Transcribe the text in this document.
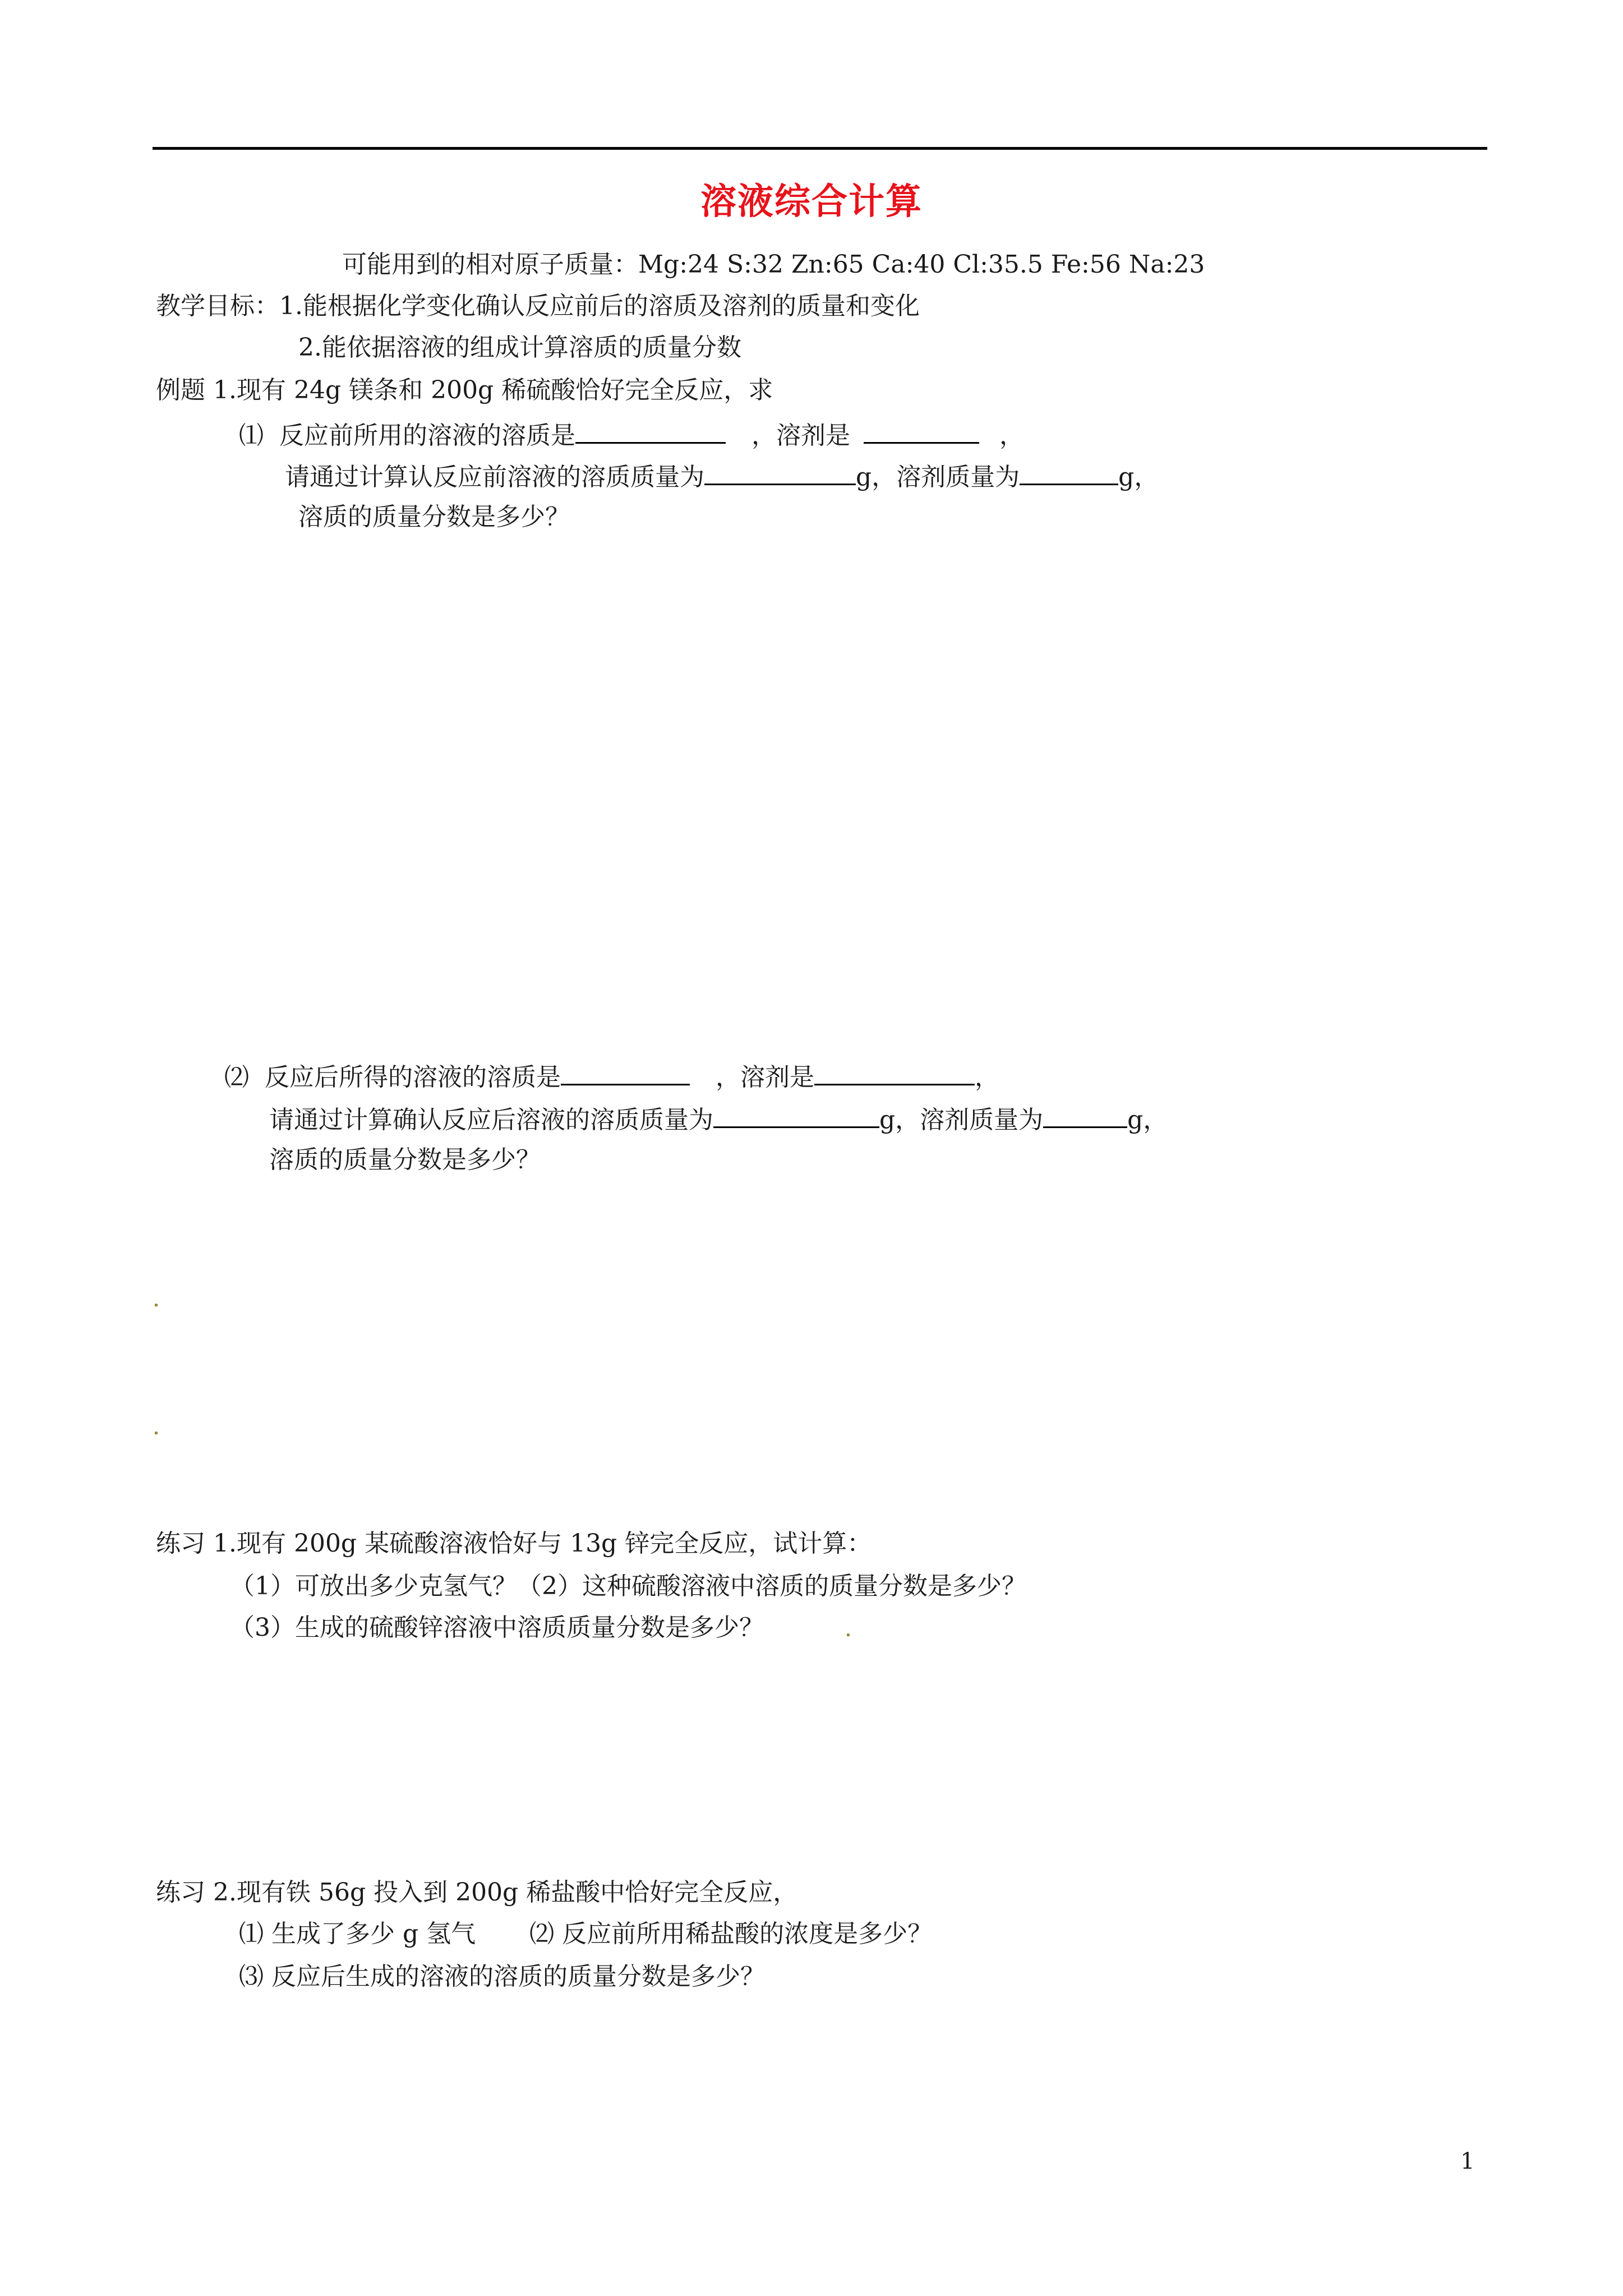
溶液综合计算
可能用到的相对原子质量：Mg:24 S:32 Zn:65 Ca:40 Cl:35.5 Fe:56 Na:23
教学目标：1.能根据化学变化确认反应前后的溶质及溶剂的质量和变化
2.能依据溶液的组成计算溶质的质量分数
例题 1.现有 24g 镁条和 200g 稀硫酸恰好完全反应，求
⑴ 反应前所用的溶液的溶质是	，溶剂是	，
请通过计算认反应前溶液的溶质质量为	g，溶剂质量为	g，
溶质的质量分数是多少？
⑵ 反应后所得的溶液的溶质是	，溶剂是	，
请通过计算确认反应后溶液的溶质质量为	g，溶剂质量为	g，
溶质的质量分数是多少？
练习 1.现有 200g 某硫酸溶液恰好与 13g 锌完全反应，试计算：
（1）可放出多少克氢气？（2）这种硫酸溶液中溶质的质量分数是多少？
（3）生成的硫酸锌溶液中溶质质量分数是多少？
练习 2.现有铁 56g 投入到 200g 稀盐酸中恰好完全反应，
⑴ 生成了多少 g 氢气 ⑵ 反应前所用稀盐酸的浓度是多少？
⑶ 反应后生成的溶液的溶质的质量分数是多少？
1
